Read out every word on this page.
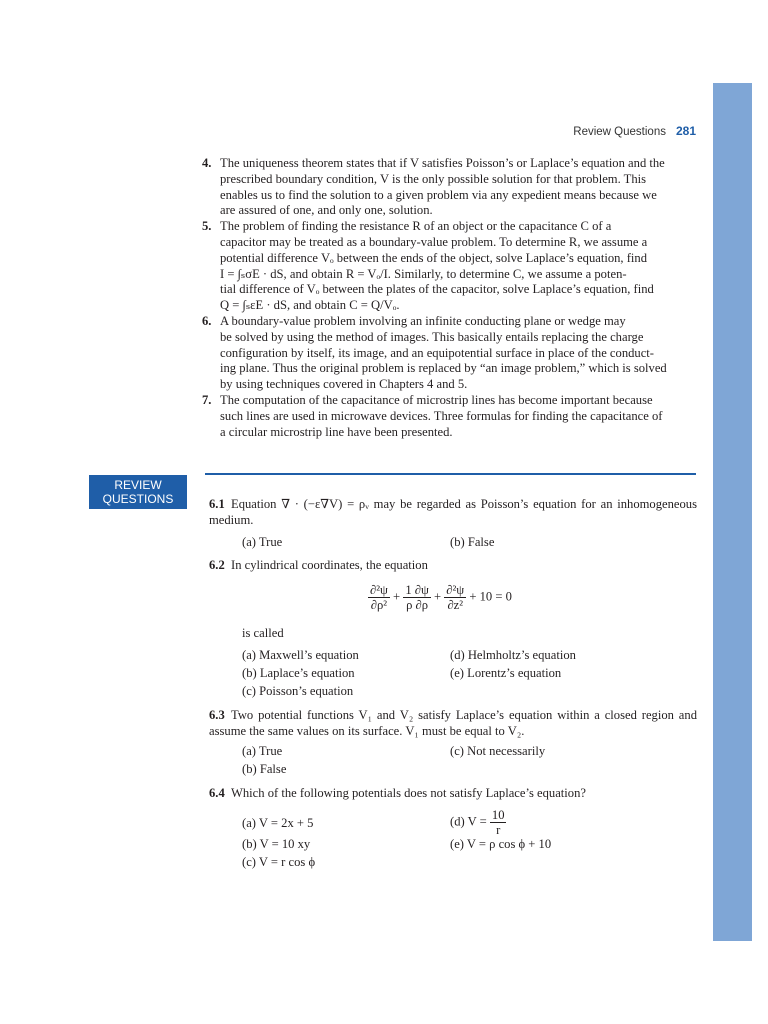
Review Questions 281
4. The uniqueness theorem states that if V satisfies Poisson’s or Laplace’s equation and the
prescribed boundary condition, V is the only possible solution for that problem. This
enables us to find the solution to a given problem via any expedient means because we
are assured of one, and only one, solution.
5. The problem of finding the resistance R of an object or the capacitance C of a
capacitor may be treated as a boundary-value problem. To determine R, we assume a
potential difference Vₒ between the ends of the object, solve Laplace’s equation, find
I = ∫ₛσE · dS, and obtain R = Vₒ/I. Similarly, to determine C, we assume a poten-
tial difference of Vₒ between the plates of the capacitor, solve Laplace’s equation, find
Q = ∫ₛεE · dS, and obtain C = Q/Vₒ.
6. A boundary-value problem involving an infinite conducting plane or wedge may
be solved by using the method of images. This basically entails replacing the charge
configuration by itself, its image, and an equipotential surface in place of the conduct-
ing plane. Thus the original problem is replaced by “an image problem,” which is solved
by using techniques covered in Chapters 4 and 5.
7. The computation of the capacitance of microstrip lines has become important because
such lines are used in microwave devices. Three formulas for finding the capacitance of
a circular microstrip line have been presented.
REVIEW
QUESTIONS	6.1 Equation ∇ · (−ε∇V) = ρᵥ may be regarded as Poisson’s equation for an inhomogeneous medium.
(a) True	(b) False
6.2 In cylindrical coordinates, the equation
$\frac{\text{∂²ψ}}{\text{∂ρ²}} + \frac{1 \partial\psi}{\rho \partial\rho} + \frac{\text{∂²ψ}}{\text{∂z²}} + 10 = 0$
is called
(a) Maxwell’s equation
(b) Laplace’s equation
(c) Poisson’s equation
(d) Helmholtz’s equation
(e) Lorentz’s equation
6.3 Two potential functions V₁ and V₂ satisfy Laplace’s equation within a closed region and assume the same values on its surface. V₁ must be equal to V₂.
(a) True
(b) False
(c) Not necessarily
6.4 Which of the following potentials does not satisfy Laplace’s equation?
(a) V = 2x + 5
(b) V = 10 xy
(c) V = r cos ϕ
(d) $V = \frac{10}{r}$
(e) V = ρ cos ϕ + 10
